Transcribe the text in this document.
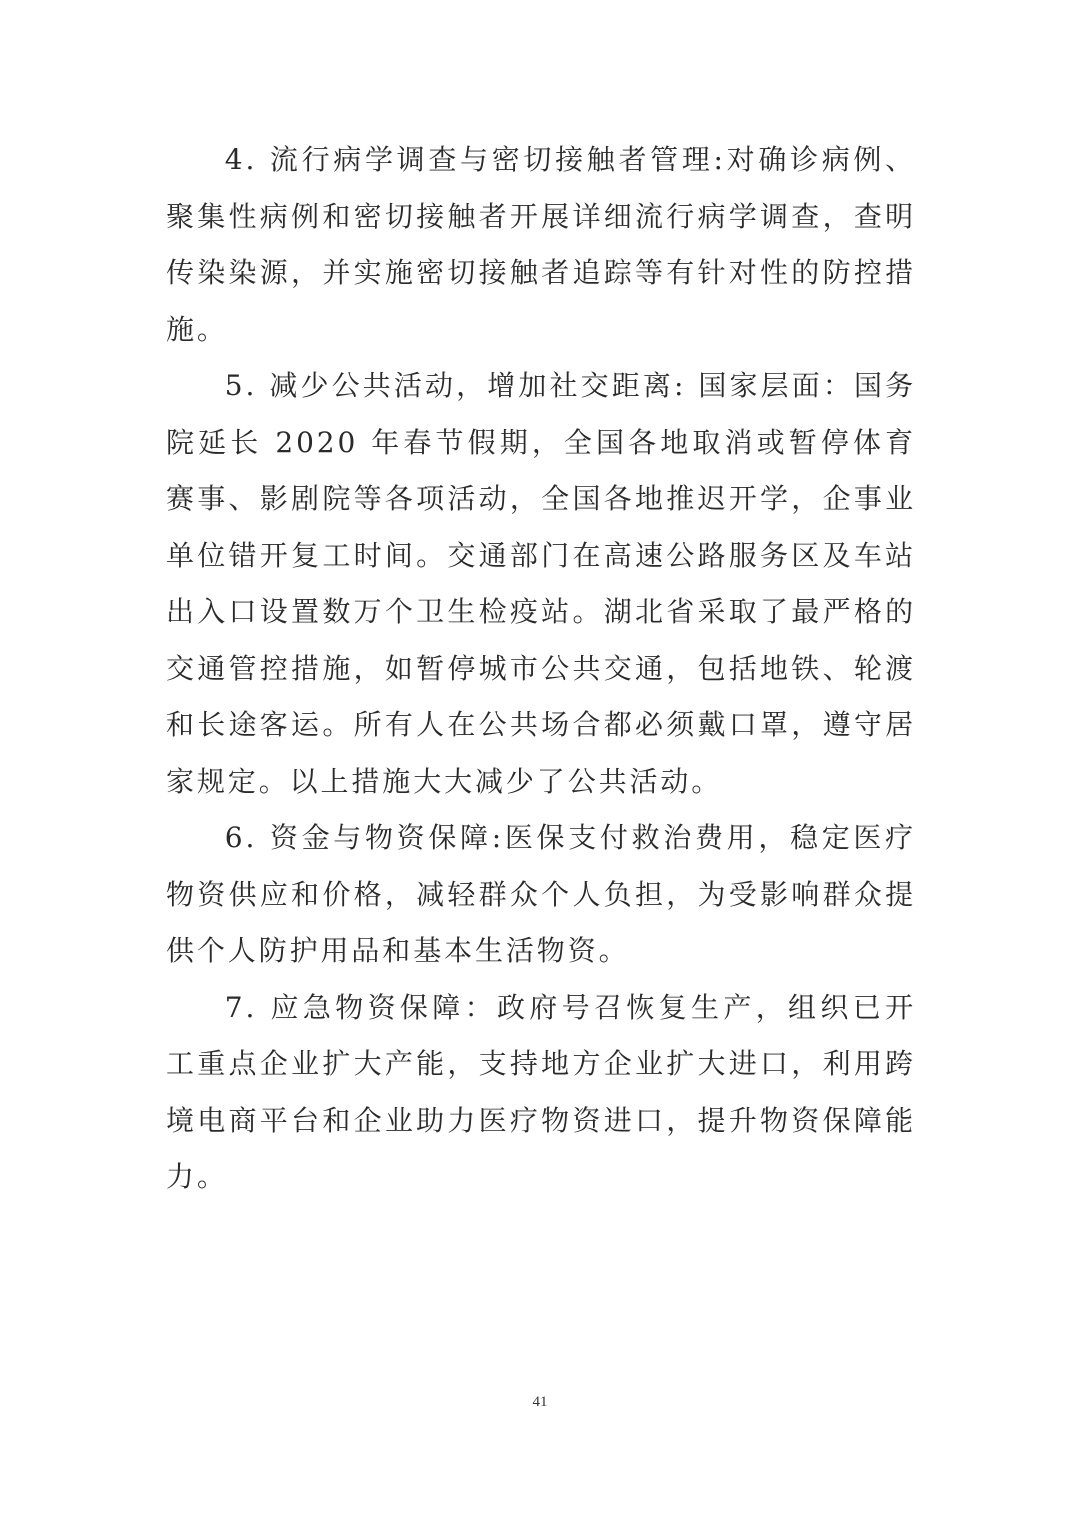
4. 流行病学调查与密切接触者管理:对确诊病例、聚集性病例和密切接触者开展详细流行病学调查，查明传染染源，并实施密切接触者追踪等有针对性的防控措施。

5. 减少公共活动，增加社交距离: 国家层面：国务院延长 2020 年春节假期，全国各地取消或暂停体育赛事、影剧院等各项活动，全国各地推迟开学，企事业单位错开复工时间。交通部门在高速公路服务区及车站出入口设置数万个卫生检疫站。湖北省采取了最严格的交通管控措施，如暂停城市公共交通，包括地铁、轮渡和长途客运。所有人在公共场合都必须戴口罩，遵守居家规定。以上措施大大减少了公共活动。

6. 资金与物资保障:医保支付救治费用，稳定医疗物资供应和价格，减轻群众个人负担，为受影响群众提供个人防护用品和基本生活物资。

7. 应急物资保障：政府号召恢复生产，组织已开工重点企业扩大产能，支持地方企业扩大进口，利用跨境电商平台和企业助力医疗物资进口，提升物资保障能力。

41
